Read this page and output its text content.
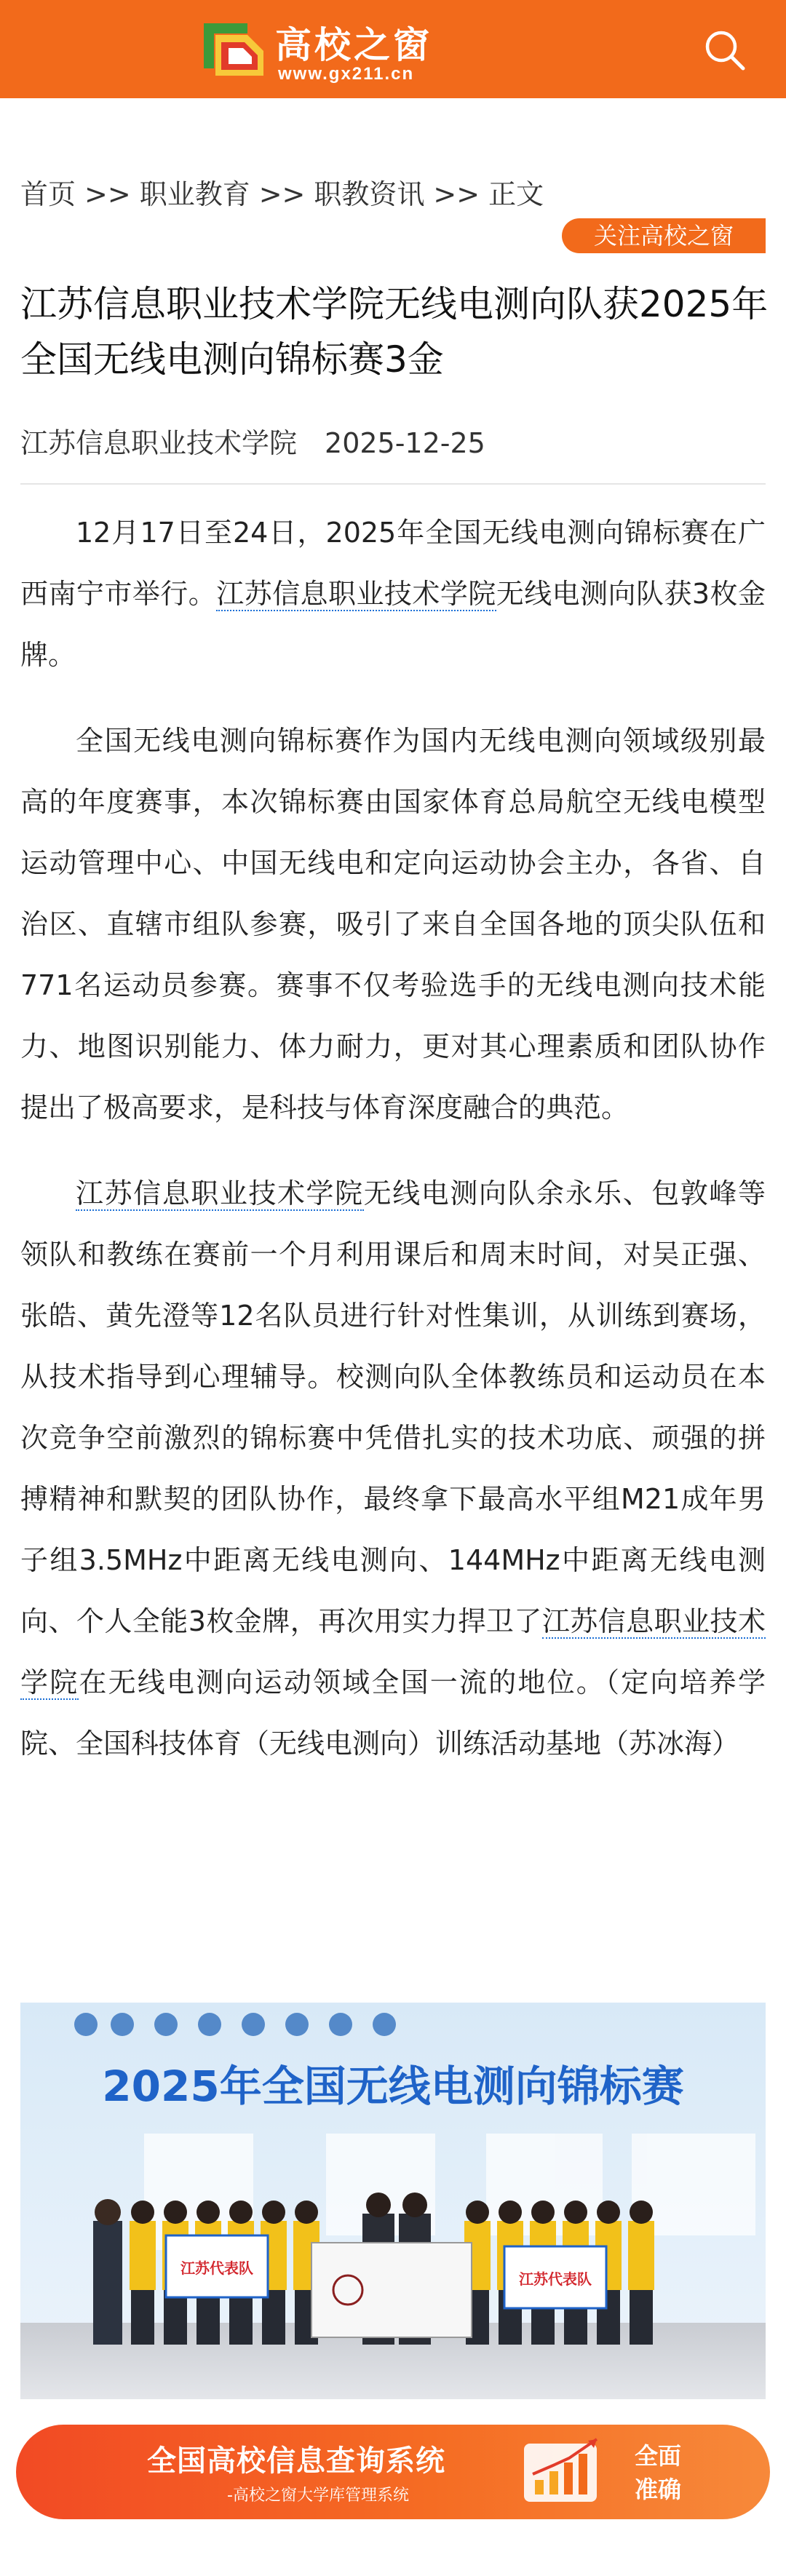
高校之窗
www.gx211.cn
首页 >> 职业教育 >> 职教资讯 >> 正文
关注高校之窗
江苏信息职业技术学院无线电测向队获2025年全国无线电测向锦标赛3金
江苏信息职业技术学院 2025-12-25

12月17日至24日，2025年全国无线电测向锦标赛在广西南宁市举行。江苏信息职业技术学院无线电测向队获3枚金牌。

全国无线电测向锦标赛作为国内无线电测向领域级别最高的年度赛事，本次锦标赛由国家体育总局航空无线电模型运动管理中心、中国无线电和定向运动协会主办，各省、自治区、直辖市组队参赛，吸引了来自全国各地的顶尖队伍和771名运动员参赛。赛事不仅考验选手的无线电测向技术能力、地图识别能力、体力耐力，更对其心理素质和团队协作提出了极高要求，是科技与体育深度融合的典范。

江苏信息职业技术学院无线电测向队余永乐、包敦峰等领队和教练在赛前一个月利用课后和周末时间，对吴正强、张皓、黄先澄等12名队员进行针对性集训，从训练到赛场，从技术指导到心理辅导。校测向队全体教练员和运动员在本次竞争空前激烈的锦标赛中凭借扎实的技术功底、顽强的拼搏精神和默契的团队协作，最终拿下最高水平组M21成年男子组3.5MHz中距离无线电测向、144MHz中距离无线电测向、个人全能3枚金牌，再次用实力捍卫了江苏信息职业技术学院在无线电测向运动领域全国一流的地位。（定向培养学院、全国科技体育（无线电测向）训练活动基地（苏冰海）

2025年全国无线电测向锦标赛
江苏代表队
江苏代表队
全国高校信息查询系统
-高校之窗大学库管理系统
全面
准确
